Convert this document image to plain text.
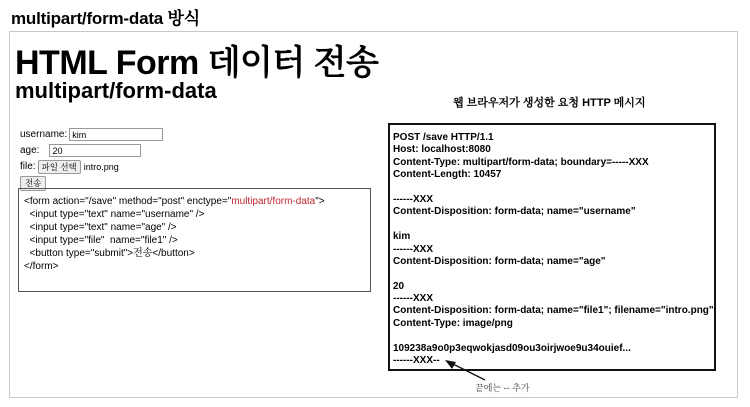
multipart/form-data 방식
HTML Form 데이터 전송
multipart/form-data
username:
kim
age:
20
file: 파일 선택 intro.png
전송
<form action="/save" method="post" enctype="multipart/form-data">
<input type="text" name="username" />
<input type="text" name="age" />
<input type="file"  name="file1" />
<button type="submit">전송</button>
</form>
웹 브라우저가 생성한 요청 HTTP 메시지
POST /save HTTP/1.1
Host: localhost:8080
Content-Type: multipart/form-data; boundary=-----XXX
Content-Length: 10457
------XXX
Content-Disposition: form-data; name="username"
kim
------XXX
Content-Disposition: form-data; name="age"
20
------XXX
Content-Disposition: form-data; name="file1"; filename="intro.png"
Content-Type: image/png
109238a9o0p3eqwokjasd09ou3oirjwoe9u34ouief...
------XXX--
끝에는 -- 추가
